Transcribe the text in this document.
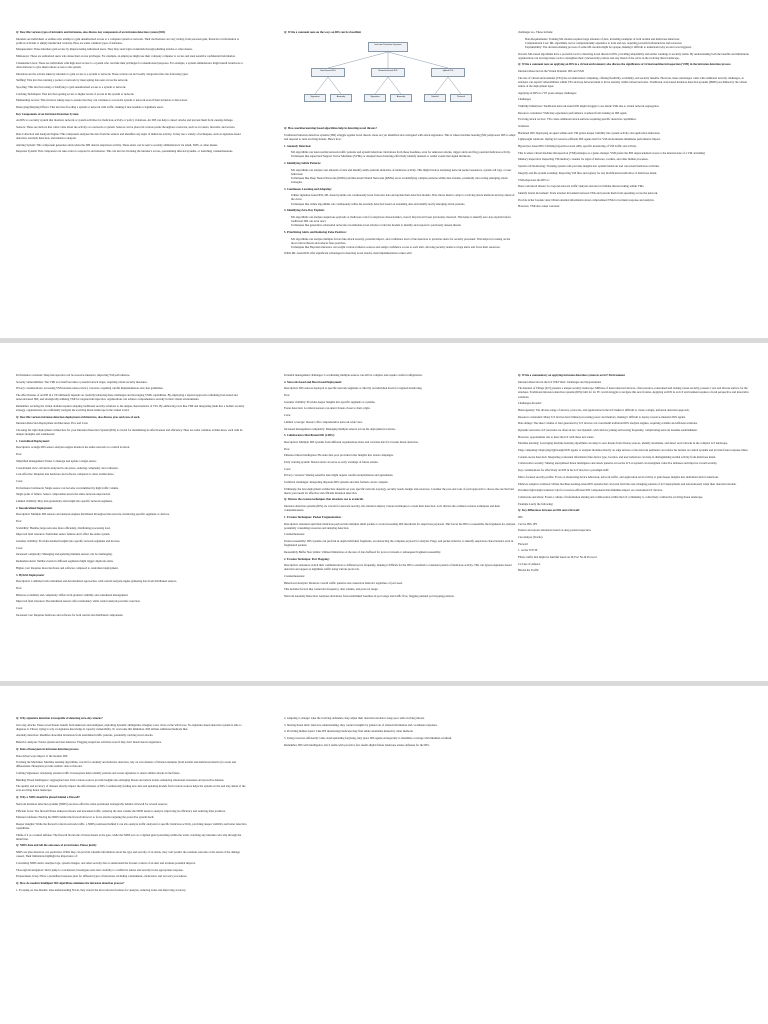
Q: Describe various types of intruders and intrusions, also discuss key components of an intrusion detection system (IDS)

Intruders are individuals or entities who attempt to gain unauthorized access to a computer system or network. Their motivations can vary widely, from personal gain, financial or information to political activism or simply intellectual curiosity. Here are some common types of intruders.

Masqueraders: These intruders gain access by impersonating authorized users. They may steal login credentials through phishing attacks or other means.

Misfeasors: These are authorized users who abuse their access privileges. For example, an employee might use their company computer to access and steal sensitive confidential information.

Clandestine Users: These are individuals with high-level access to a system who can hide their privileges for unauthorized purposes. For example, a system administrator might install backdoors or other malware to give them remote access to the system.

Intrusions are the actions taken by intruders to gain access to a system or network. These actions can be broadly categorized into the following types:

Sniffing: This involves running a packet or network by intercepting data sent across the network.

Spoofing: This involves using or falsifying to gain unauthorized access to a system or network.

Cracking Techniques: This involves getting access to higher levels of access in the system or network.

Maintaining Access: This involves taking steps to ensure that they can continue to access the system or network even if their intrusion is discovered.

Destroying/Denying Effects: This involves flooding a system or network with traffic, making it inaccessible to legitimate users.

Key Components of an Intrusion Detection System

An IDS is a security system that monitors network or system activities for malicious activity or policy violations. An IDS can help to detect attacks and prevent them from causing damage.

Sensors: These are devices that collect data about the activity on a network or system. Sensors can be placed in various points throughout a network, such as at routers, firewalls, and servers.

Data Collection and Analysis Engine: This component analyzes the data from the sensors and identifies any signs of malicious activity. It may use a variety of techniques, such as signature-based detection, anomaly detection, and behavior analysis.

Alerting System: This component generates alerts when the IDS detects suspicious activity. These alerts can be sent to security administrators via email, SMS, or other means.

Response System: This component can take action to respond to an intrusion. This can involve blocking the intruder's access, quarantining infected systems, or launching countermeasures.

Q: Write a comment note on the ways an IDS can be classified.

Intrusion Detection Systems
Host-based IDS	Network-based IDS	Hybrid IDS
Signature	Anomaly	Signature	Anomaly	Stateful	Protocol

Q: How machine learning based algorithms help in detecting novel threats?

Traditional intrusion detection systems (IDS) struggle against novel threats, those not yet identified and catalogued with attack signatures. This is where machine learning (ML) empowers IDS to adapt and respond to such evolving threats. Here's how:

1. Anomaly Detection:

• ML algorithms can learn normal network traffic patterns and system behaviour. Deviations from these baselines, even for unknown attacks, trigger alerts and flag potential malicious activity.
• Techniques like supervised Support Vector Machines (SVMs) or unsupervised clustering effectively identify unusual or outlier events that signal intrusions.

2. Identifying Subtle Patterns:

• ML algorithms can analyze vast amounts of data and identify subtle patterns indicative of malicious activity. This might involve analyzing network packet sequences, system call logs, or user behaviour.
• Techniques like Deep Neural Networks (DNNs) and Recurrent Neural Networks (RNNs) excel at identifying complex patterns within data streams, potentially uncovering emerging attack strategies.

3. Continuous Learning and Adapting:

• Unlike signature-based IDS, ML-based systems can continuously learn from new data and update their detection models. This allows them to adapt to evolving attack methods and stay ahead of the curve.
• Techniques like online algorithms can continuously refine the anomaly detection based on streaming data and identify newly emerging attack patterns.

4. Identifying Zero-Day Exploits:

• ML algorithms can analyze suspicious payloads or malicious code for suspicious characteristics, even if they haven't been previously observed. This helps to identify zero-day exploits before traditional IDS can even react.
• Techniques like generative adversarial networks can simulate novel attacks to train the models to identify and respond to previously unseen threats.

5. Prioritizing Alerts and Reducing False Positives:

• ML algorithms can analyze multiple factors like attack severity, potential impact, and confidence level of the detection to prioritize alerts for security personnel. This helps in focusing on the most critical threats and reduces false positives.
• Techniques like Bayesian inference can weight various evidence sources and assign confidence scores to each alert, allowing security teams to triage alerts and focus their resources.

While ML-based IDS offer significant advantages in detecting novel attacks, their implementation comes with

challenges too. These include:

• Data Requirements: Training ML models requires large amounts of data, including examples of both normal and malicious behaviour.
• Computational Cost: ML algorithms can be computationally expensive to train and run, requiring powerful infrastructure and resources.
• Explainability: The decision-making process of some ML models might be opaque, making it difficult to understand why an alert was triggered.

Overall, ML-based algorithms have a powerful tool for detecting novel threats in IDS, providing adaptability and earlier warnings to security teams. By understanding both the benefits and limitations, organizations can leverage these tools to strengthen their cybersecurity posture and stay ahead of the curve in the evolving threat landscape.

Q: Write a comment note on applying an IDS in a virtual environment; also discuss the significance of virtual machine introspection (VMI) in the intrusion detection process

Intrusion Detection in the Virtual Domain: IDS and VMI

The rise of virtual environments (VEs) has revolutionized computing, offering flexibility, scalability, and security benefits. However, these advantages come with additional security challenges, as attackers can exploit vulnerabilities within VEs and leap between them to move laterally within virtual networks. Traditional, host-based intrusion detection systems (HIDS) are limited by the virtual nature of the deployment layer.

Applying an IDS in a VE poses unique challenges:

Challenges

Visibility limitations: Traditional network-based IDS might struggle to see inside VMs due to virtual network segregation.

Resource contention: VMs may experience performance overhead from running an IDS agent.

Evolving attack vectors: VEs create additional attack surfaces requiring specific detection capabilities.

Solutions

Hardened IDS: Deploying an agent within each VM grants deeper visibility into system activity and application behaviour.

Lightweight solutions: Opting for resource-efficient IDS agents built for VM environments minimizes performance impact.

Hypervisor-based IDS: Utilizing hypervisor-level APIs, specific monitoring of VM traffic and activity.

This is where virtual machine introspection (VMI) emerges as a game-changer. VMI grants the IDS unprecedented access to the internal state of a VM, including:

Memory inspection: Inspecting VM memory contents for signs of malware, rootkits, and other hidden processes.

System call monitoring: Tracking system calls provides insights into system behaviour and can unveil malicious activities.

Integrity and file system scanning: Inspecting VM files and registry for any modifications indicative of malicious intent.

VMI empowers the IDS to:

Detect advanced threats: Go beyond network traffic analysis and uncover hidden threats lurking within VMs.

Identify lateral movement: Track attacker movement between VMs and prevent them from spreading across the network.

Provide richer forensic data: Obtain detailed information about compromised VMs for incident response and analysis.

However, VMI also raises concerns:

Performance overhead: Deep introspection can be resource-intensive, impacting VM performance.

Security vulnerabilities: The VMI tool itself becomes a potential attack target, requiring robust security measures.

Privacy considerations: Accessing VM internals raises privacy concerns, requiring careful implementation and clear guidelines.

The effectiveness of an IDS in a VE ultimately depends on carefully balancing these challenges and leveraging VMI's capabilities. By employing a layered approach combining host-based and network-based IDS, and strategically utilizing VMI for targeted introspection, organizations can achieve comprehensive security in their virtual environments.

Remember, securing the virtual domain requires adapting traditional security solutions to the unique characteristics of VEs. By embracing tools like VMI and integrating them into a holistic security strategy, organizations can confidently navigate the evolving threat landscape in the virtual world.

Q: Describe various intrusion detection deployment architectures, also discuss pros and cons of each.

Intrusion Detection Deployment Architectures: Pros and Cons

Choosing the right deployment architecture for your Intrusion Detection System (IDS) is crucial for maximizing its effectiveness and efficiency. Here are some common architectures, each with its unique strengths and weaknesses:

1. Centralized Deployment:

Description: A single IDS sensor analyzes engine monitors the entire network at a central location.

Pros:

Simplified management: Easier to manage and update a single sensor.

Consolidated view: All alerts analyzed in one place, reducing complexity and confusion.

Cost-effective: Requires less hardware and software compared to other architectures.

Cons:

Performance bottleneck: Single sensor can become overwhelmed by high traffic volume.

Single point of failure: Sensor compromise leaves the entire network unprotected.

Limited visibility: May lack granularity and insight into specific network segments.

2. Decentralized Deployment:

Description: Multiple IDS sensors and analysis engines distributed throughout the network, monitoring specific segments or devices.

Pros:

Scalability: Handles large networks more efficiently, distributing processing load.

Improved fault tolerance: Individual sensor failures don't affect the entire system.

Granular visibility: Provides detailed insights into specific network segments and devices.

Cons:

Increased complexity: Managing and updating multiple sensors can be challenging.

Redundant alerts: Similar events in different segments might trigger duplicate alerts.

Higher cost: Requires more hardware and software compared to centralized deployment.

3. Hybrid Deployment:

Description: Combines both centralized and decentralized approaches, with central analysis engine gathering data from distributed sensors.

Pros:

Balances scalability and complexity: Offers both granular visibility and centralized management.

Improved fault tolerance: Decentralized sensors offer redundancy while central analysis provides overview.

Cons:

Increased cost: Requires hardware and software for both central and distributed components.

Potential management challenges: Coordinating multiple sensors can still be complex and require careful configuration.

4. Network-based and Host-based Deployment:

Description: IDS sensors deployed at specific network segments or directly on individual hosts for targeted monitoring.

Pros:

Granular visibility: Provides deeper insights into specific segments or systems.

Faster detection: Localized sensors can detect threats closer to their origin.

Cons:

Limited coverage: Doesn't offer comprehensive network-wide view.

Increased management complexity: Managing multiple sensors across the deployment locations.

5. Collaborative Distributed IDS (CIDS):

Description: Multiple IDS systems from different organizations share and correlate data for broader threat detection.

Pros:

Enhanced threat intelligence: Broader data pool provides richer insights into attack campaigns.

Early warning system: Shared alerts can serve as early warnings of future attacks.

Cons:

Privacy concerns: Sharing sensitive data might require careful anonymization and agreements.

Technical challenges: Integrating disparate IDS systems and data formats can be complex.

Ultimately, the best deployment architecture depends on your specific network topology, security needs, budget and resources. Consider the pros and cons of each approach to choose the one that best meets your needs for effective and efficient intrusion detection.

Q: Discuss the evasion techniques that attackers use to evade ids.

Intrusion detection systems (IDS) are crucial for network security, but attackers employ various techniques to evade their detection. Let's discuss the common evasion techniques and their countermeasures.

1. Evasion Techniques: Packet Fragmentation:

Description: Attackers split their malicious payload into multiple small packets to avoid exceeding IDS thresholds for suspicious payloads. This forces the IDS to reassemble the fragments for analysis, potentially consuming resources and delaying detection.

Countermeasures:

Packet reassembly: IDS systems can perform in-depth individual fragments, reconstructing the complete payload for analysis. Flags, and packet behavior to identify suspicious characteristics even in fragmented packets.

Reassembly Buffer Size Limits: Utilizes limitations on the size of data buffered for protocol stream or subsequent fragment reassembly.

2. Evasion Technique: Port Hopping:

Description: Attackers switch their communication to different ports frequently, making it difficult for the IDS to establish a consistent pattern of malicious activity. This can bypass signature-based detection and appear as legitimate traffic using various protocols.

Countermeasures:

Behavioral Analysis: Monitors overall traffic patterns and connection behavior regardless of port used.

This includes factors like connection frequency, data volume, and protocol usage.

Network Anomaly Detection: Analyzes deviations from established baselines in port usage and traffic flow, flagging unusual port hopping patterns.

Q: Write a commentary on applying intrusion detection system in an IoT Environment

Intrusion Detection in the IoT Wild West: Challenges and Opportunities

The Internet of Things (IoT) presents a unique security landscape. Millions of interconnected devices, often resource-constrained and lacking robust security, present a vast and diverse surface for the attackers. Traditional intrusion detection systems (IDS) built for for PC world struggle to navigate this new frontier. Applying an IDS in an IoT environment requires a fresh perspective and innovative solutions.

Challenges Abound:

Heterogeneity: The diverse range of devices, protocols, and applications in the IoT makes it difficult to create a single, universal detection approach.

Resource constraints: Many IoT devices have limited processing power and memory, making it difficult to deploy resource-intensive IDS agents.

Data deluge: The sheer volume of data generated by IoT devices can overwhelm traditional IDS analysis engines, requiring scalable and efficient solutions.

Dynamic networks: IoT networks are often ad-hoc and dynamic, with devices joining and leaving frequently, complicating network baseline establishment.

However, opportunities rise to meet the IoT with these new ideas:

Machine learning: Leveraging machine learning algorithms can adapt to new threats from diverse sources, identify anomalies, and detect novel attacks in the complex IoT landscape.

Edge computing: Deploying lightweight IDS agents or analysis modules directly on edge devices or the network perimeter can reduce the burden on central systems and provide faster response times.

Context-aware detection: Integrating contextual information like device type, location, and user behaviour can help in distinguishing normal activity from malicious intent.

Collaborative security: Sharing anonymized threat intelligence and attack patterns across the IoT ecosystem can strengthen collective defenses and improve overall security.

Key considerations for effectively an IDS in the IoT involves a paradigm shift:

Micro-focused security profile: Focus on monitoring device behaviour, network traffic, and application-level activity to gain deeper insights into individual device behaviour.

Embrace adaptive solutions: Utilize machine learning-based IDS systems that can learn from the ever-changing patterns of IoT deployments and autonomously adapt their detection models.

Prioritize lightweight solutions: Opt for resource-efficient IDS components that minimize impact on constrained IoT devices.

Collaborate and share: Foster a culture of information sharing and collaboration within the IoT community to collectively combat the evolving threat landscape.

Example Lastly the following:

Q: Key differences between an IDS and a firewall:

IDS

Can be IDS, IPS

Passive and reports intrusions based on deep packet inspection.

Can analyse (Tracks)

Firewall

1. on the TCP/IP

Filters traffic that might be harmful based on IP, Port No & Protocol

1st Line of defence

Blocks the Traffic

Q: Why signature detection is incapable of detecting zero-day attacks?

Zero-day attacks: These novel threats benefit from unknown and unaligned, exploiting dynamic ambiguities. Imagine a new virus on the wild loose. No signature-based detection system is able to diagnose it. Threat, trying to rely on signature knowledge is capacity vulnerability. To overcome this limitation, IDS utilizes additional methods like:

Anomaly detection: Identifies abnormal deviations from established traffic patterns, potentially catching novel attacks.

Behavior analysis: Tracks system and user behavior. Flagging suspicious activities even if they don't match known signatures.

Q: Role of honeynets in intrusion detection process

Data-driven ways impact of the modern IDS.

Tracking the Machines: Machine learning algorithms, crucial for anomaly and behavior detection, rely on vast datasets of labeled examples (both normal and malicious behavior) to learn and differentiate. Honeynets provide realistic data to this end.

Crafting Signatures: Analyzing attacker traffic in honeynets helps identify patterns and create signatures to detect similar attacks in the future.

Building Threat Intelligence: Aggregated data from various sources provide insights into emerging threats and attack trends, enhancing situational awareness and proactive defense.

The quality and accuracy of datasets directly impact the effectiveness of IDS. Continuously feeding new data and updating models from various sources helps the system evolve and stay ahead of the ever-evolving threat landscape.

Q: Why a NIDS should be placed behind a firewall?

Network intrusion detection systems (NIDS) are more effective when positioned strategically behind a firewall for several reasons:

Efficient focus: The firewall filters unknown threats and unwanted traffic, reducing the data volume the NIDS needs to analyze, improving its efficiency and reducing false positives.

Enhanced defense: Placing the NIDS behind the firewall allows it to focus attacks targeting the protective system itself.

Deeper insights: While the firewall controls network traffic, a NIDS positioned behind it can also analyze traffic analysis for specific malicious activity, providing deeper visibility and better detection capabilities.

Think of it as a trusted defense: The firewall blocks the obvious threats at the gate, while the NIDS acts as a vigilant guard patrolling within the walls, watching any intruders who slip through the initial line.

Q: NIDS data and tell the outcomes of an intrusion. Please justify.

NIDS are plan detection, not prediction. While they can provide valuable information about the type and severity of an attack, they can't predict the eventual outcome or the extent of the damage caused. Their limitations highlight the importance of:

Correlating NIDS alerts: Analyze logs, system changes, and other security data to understand the broader context of an alert and evaluate potential impacts.

Thorough investigation: Don't jump to conclusions; investigate each alert carefully to confirm its nature and severity in the appropriate response.

Preparedness is key: Have a predefined response plan for different types of intrusions, including containment, eradication, and recovery procedures.

Q: How do modern intelligent IDS algorithms minimize the intrusion detection process?

1. Focusing on true Details: Like understanding Novel, they extract the most relevant features for analysis, reducing noise and improving accuracy.

2. Adapting to change: Like the evolving defenders, they adjust their detection models to keep pace with evolving threats.

3. Sharing threat intel: Like how understanding, they connect insights by gained out of related information and coordinate responses.

4. Providing hidden layers: Like IPS monitoring landscape they find subtle anomalies missed by other methods.

5. Using resources efficiently: Like cloud upholding forgiving, they place IDS agents strategically to maximize coverage with minimal overhead.

Remember, IDS with intelligence, but it teams with proactive few results digital future landscape ensure defenses for the IDS.
